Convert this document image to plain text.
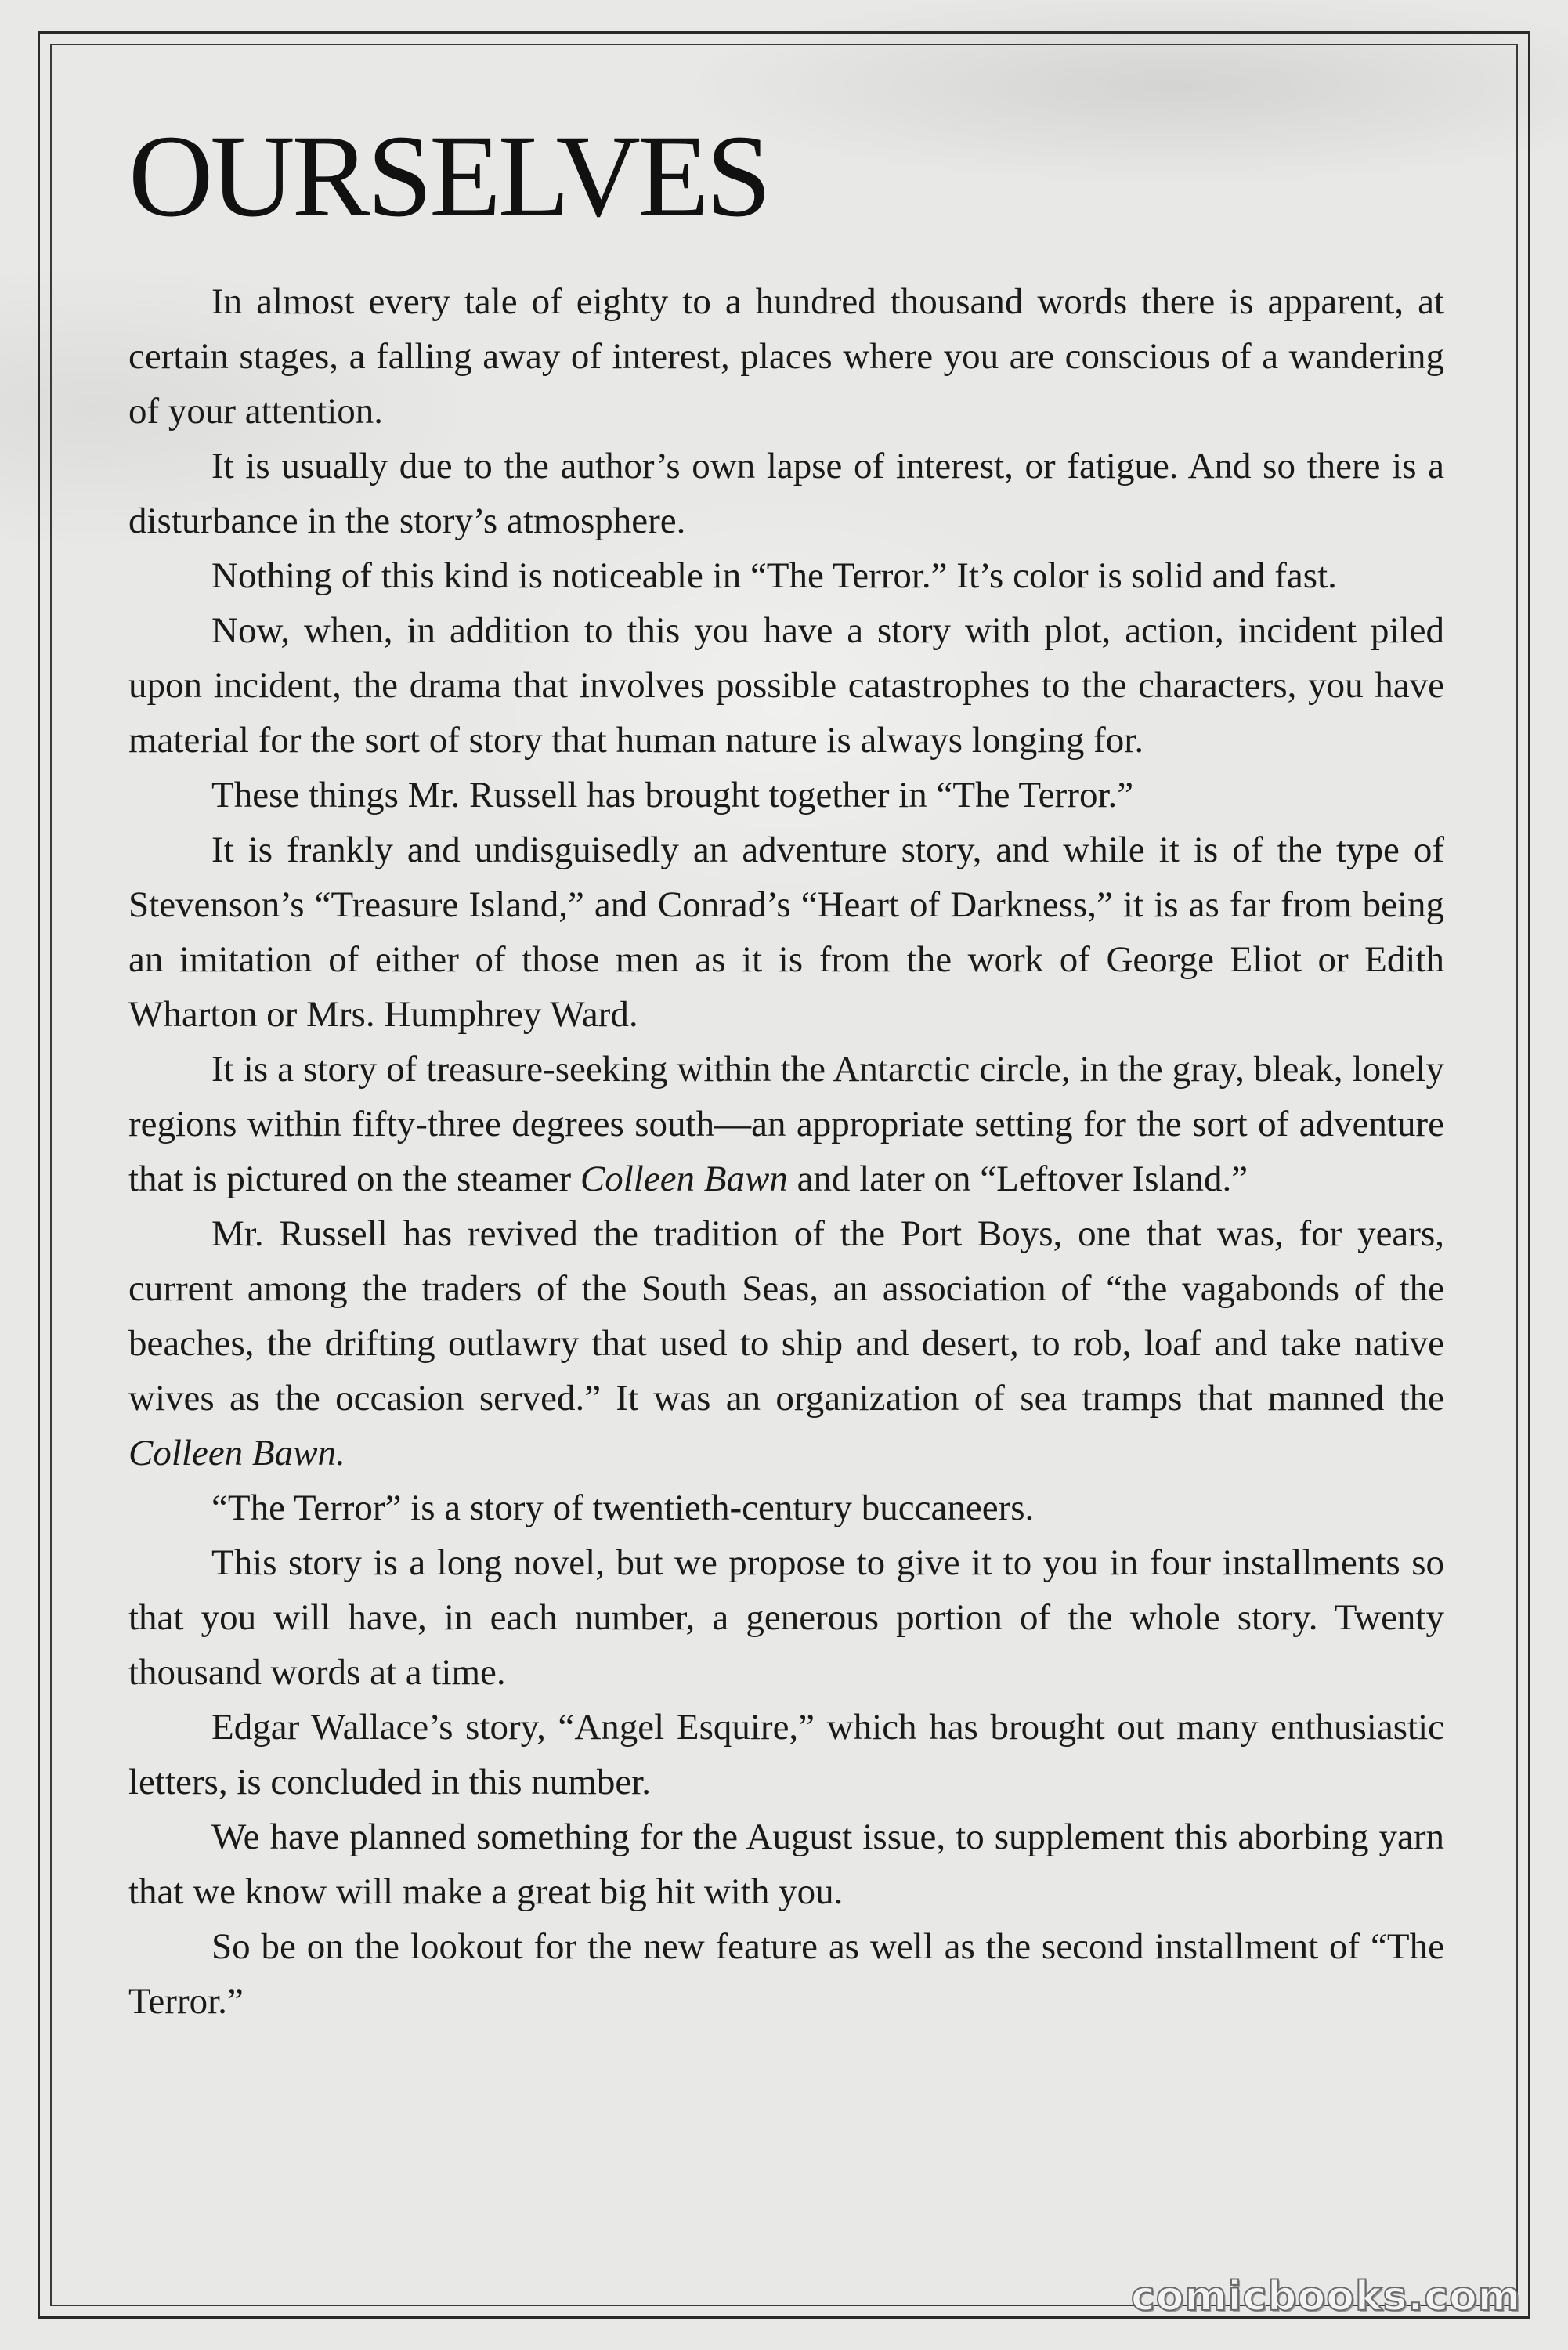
OURSELVES

In almost every tale of eighty to a hundred thousand words there is apparent, at certain stages, a falling away of interest, places where you are conscious of a wandering of your attention.

It is usually due to the author’s own lapse of interest, or fatigue. And so there is a disturbance in the story’s atmosphere.

Nothing of this kind is noticeable in “The Terror.” It’s color is solid and fast.

Now, when, in addition to this you have a story with plot, action, incident piled upon incident, the drama that involves possible catastrophes to the characters, you have material for the sort of story that human nature is always longing for.

These things Mr. Russell has brought together in “The Terror.”

It is frankly and undisguisedly an adventure story, and while it is of the type of Stevenson’s “Treasure Island,” and Conrad’s “Heart of Darkness,” it is as far from being an imitation of either of those men as it is from the work of George Eliot or Edith Wharton or Mrs. Humphrey Ward.

It is a story of treasure-seeking within the Antarctic circle, in the gray, bleak, lonely regions within fifty-three degrees south—an appropriate setting for the sort of adventure that is pictured on the steamer Colleen Bawn and later on “Leftover Island.”

Mr. Russell has revived the tradition of the Port Boys, one that was, for years, current among the traders of the South Seas, an association of “the vagabonds of the beaches, the drifting outlawry that used to ship and desert, to rob, loaf and take native wives as the occasion served.” It was an organization of sea tramps that manned the Colleen Bawn.

“The Terror” is a story of twentieth-century buccaneers.

This story is a long novel, but we propose to give it to you in four installments so that you will have, in each number, a generous portion of the whole story. Twenty thousand words at a time.

Edgar Wallace’s story, “Angel Esquire,” which has brought out many enthusiastic letters, is concluded in this number.

We have planned something for the August issue, to supplement this aborbing yarn that we know will make a great big hit with you.

So be on the lookout for the new feature as well as the second installment of “The Terror.”

comicbooks.com
